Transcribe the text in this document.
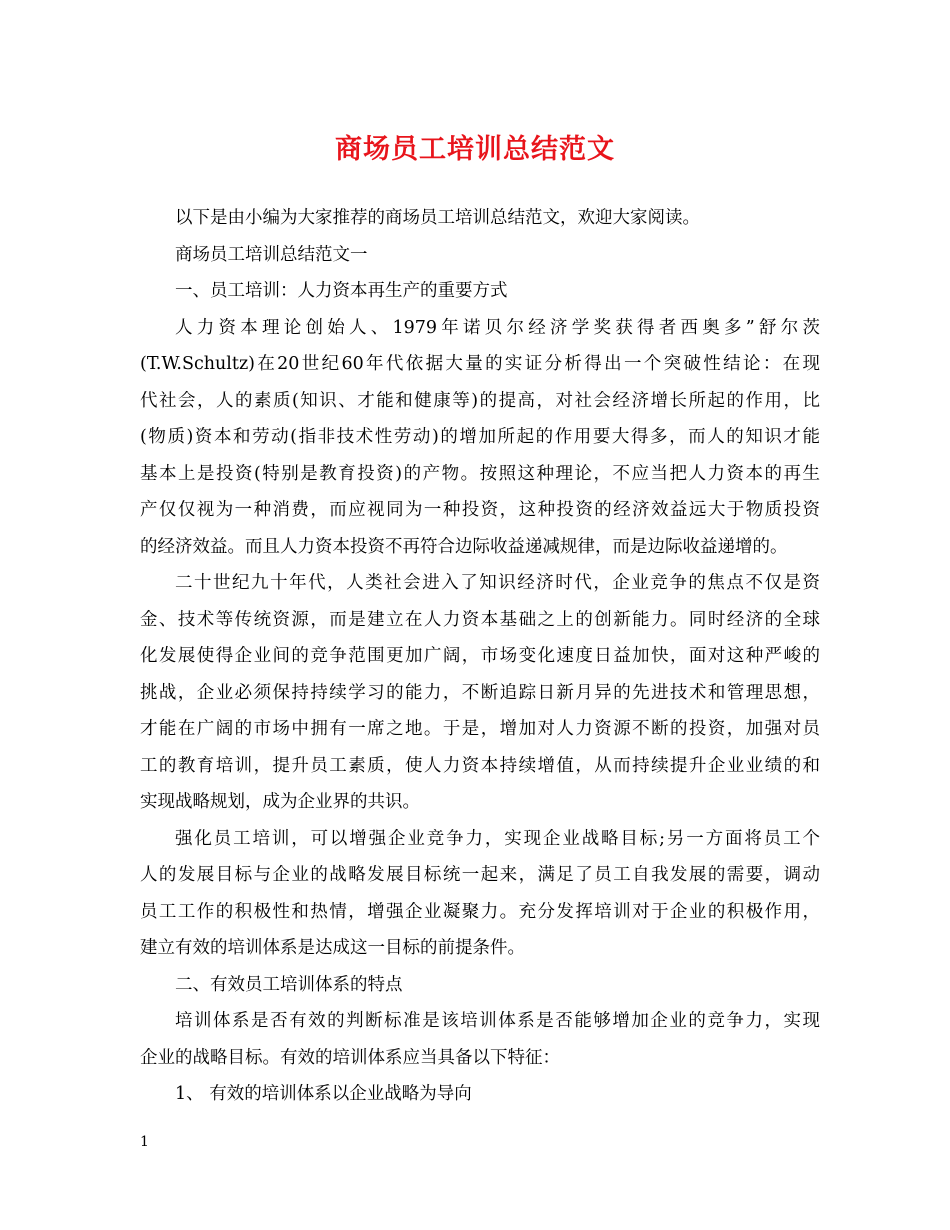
商场员工培训总结范文
以下是由小编为大家推荐的商场员工培训总结范文，欢迎大家阅读。
商场员工培训总结范文一
一、员工培训：人力资本再生产的重要方式
人力资本理论创始人、1979年诺贝尔经济学奖获得者西奥多”舒尔茨
(T.W.Schultz)在20世纪60年代依据大量的实证分析得出一个突破性结论：在现
代社会，人的素质(知识、才能和健康等)的提高，对社会经济增长所起的作用，比
(物质)资本和劳动(指非技术性劳动)的增加所起的作用要大得多，而人的知识才能
基本上是投资(特别是教育投资)的产物。按照这种理论，不应当把人力资本的再生
产仅仅视为一种消费，而应视同为一种投资，这种投资的经济效益远大于物质投资
的经济效益。而且人力资本投资不再符合边际收益递减规律，而是边际收益递增的。
二十世纪九十年代，人类社会进入了知识经济时代，企业竞争的焦点不仅是资
金、技术等传统资源，而是建立在人力资本基础之上的创新能力。同时经济的全球
化发展使得企业间的竞争范围更加广阔，市场变化速度日益加快，面对这种严峻的
挑战，企业必须保持持续学习的能力，不断追踪日新月异的先进技术和管理思想，
才能在广阔的市场中拥有一席之地。于是，增加对人力资源不断的投资，加强对员
工的教育培训，提升员工素质，使人力资本持续增值，从而持续提升企业业绩的和
实现战略规划，成为企业界的共识。
强化员工培训，可以增强企业竞争力，实现企业战略目标;另一方面将员工个
人的发展目标与企业的战略发展目标统一起来，满足了员工自我发展的需要，调动
员工工作的积极性和热情，增强企业凝聚力。充分发挥培训对于企业的积极作用，
建立有效的培训体系是达成这一目标的前提条件。
二、有效员工培训体系的特点
培训体系是否有效的判断标准是该培训体系是否能够增加企业的竞争力，实现
企业的战略目标。有效的培训体系应当具备以下特征：
1、 有效的培训体系以企业战略为导向
1
